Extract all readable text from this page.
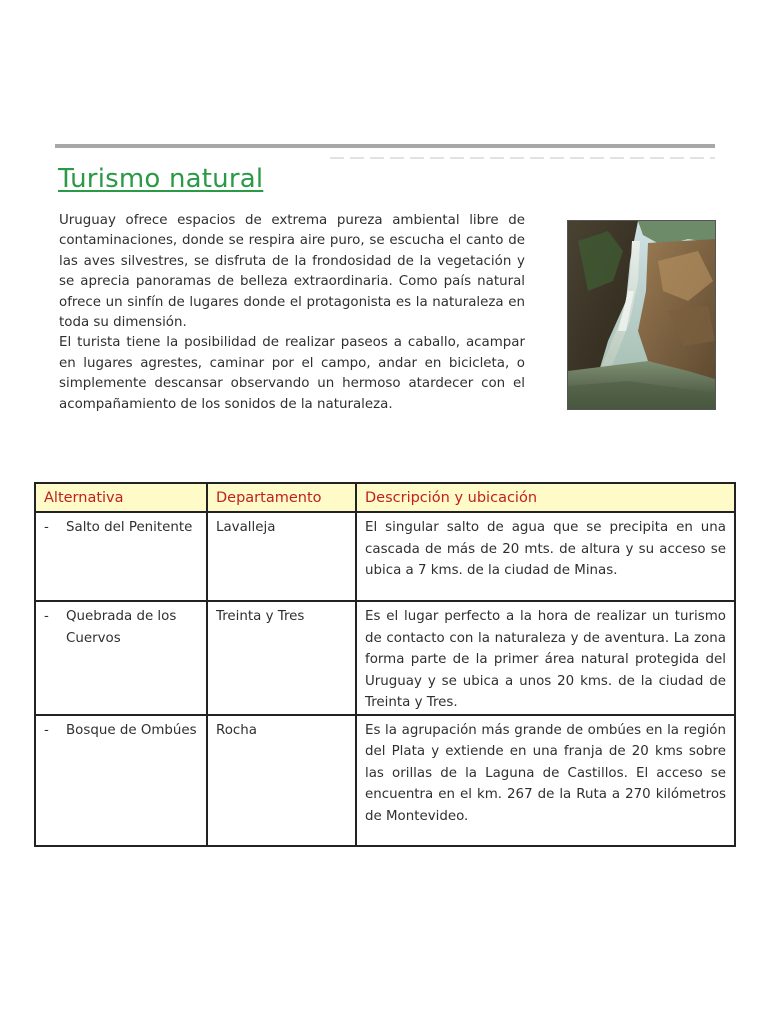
Turismo natural

Uruguay ofrece espacios de extrema pureza ambiental libre de contaminaciones, donde se respira aire puro, se escucha el canto de las aves silvestres, se disfruta de la frondosidad de la vegetación y se aprecia panoramas de belleza extraordinaria. Como país natural ofrece un sinfín de lugares donde el protagonista es la naturaleza en toda su dimensión.

El turista tiene la posibilidad de realizar paseos a caballo, acampar en lugares agrestes, caminar por el campo, andar en bicicleta, o simplemente descansar observando un hermoso atardecer con el acompañamiento de los sonidos de la naturaleza.

Alternativa	Departamento	Descripción y ubicación

- Salto del Penitente	Lavalleja	El singular salto de agua que se precipita en una cascada de más de 20 mts. de altura y su acceso se ubica a 7 kms. de la ciudad de Minas.

- Quebrada de los Cuervos	Treinta y Tres	Es el lugar perfecto a la hora de realizar un turismo de contacto con la naturaleza y de aventura. La zona forma parte de la primer área natural protegida del Uruguay y se ubica a unos 20 kms. de la ciudad de Treinta y Tres.

- Bosque de Ombúes	Rocha	Es la agrupación más grande de ombúes en la región del Plata y extiende en una franja de 20 kms sobre las orillas de la Laguna de Castillos. El acceso se encuentra en el km. 267 de la Ruta a 270 kilómetros de Montevideo.
